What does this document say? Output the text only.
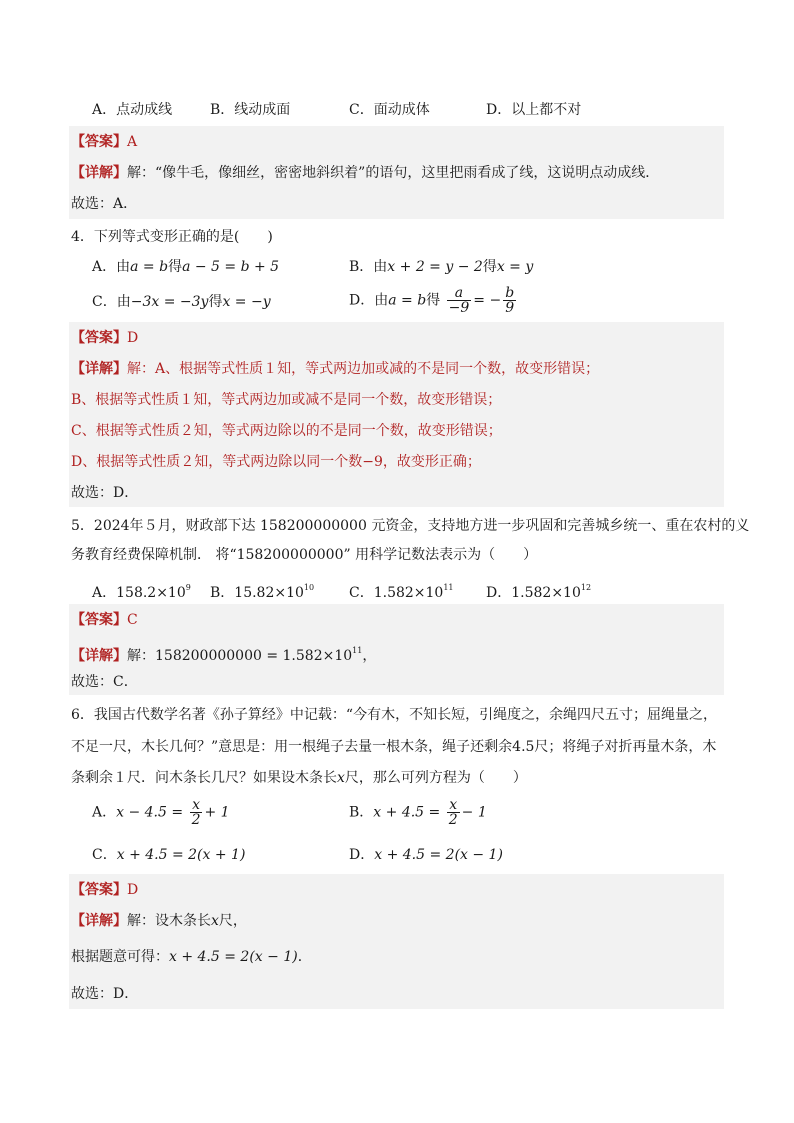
A．点动成线	B．线动成面	C．面动成体	D．以上都不对
【答案】A
【详解】解：“像牛毛，像细丝，密密地斜织着”的语句，这里把雨看成了线，这说明点动成线．
故选：A．
4．下列等式变形正确的是(　　)
A．由a = b得a − 5 = b + 5	B．由x + 2 = y − 2得x = y
C．由−3x = −3y得x = −y	D．由a = b得 $\frac{a}{-9}$ = − $\frac{b}{9}$
【答案】D
【详解】解：A、根据等式性质１知，等式两边加或减的不是同一个数，故变形错误；
B、根据等式性质１知，等式两边加或减不是同一个数，故变形错误；
C、根据等式性质２知，等式两边除以的不是同一个数，故变形错误；
D、根据等式性质２知，等式两边除以同一个数−9，故变形正确；
故选：D．
5．2024年５月，财政部下达 158200000000 元资金，支持地方进一步巩固和完善城乡统一、重在农村的义
务教育经费保障机制． 将“158200000000” 用科学记数法表示为（　　）
A．$158.2\times 10^9$ B．$15.82\times 10^{10}$ C．$1.582\times 10^{11}$ D．$1.582\times 10^{12}$
【答案】C
【详解】解：$158200000000 = 1.582\times 10^{11}$，
故选：C．
6．我国古代数学名著《孙子算经》中记载：“今有木，不知长短，引绳度之，余绳四尺五寸；屈绳量之，
不足一尺，木长几何？”意思是：用一根绳子去量一根木条，绳子还剩余4.5尺；将绳子对折再量木条，木
条剩余１尺．问木条长几尺？如果设木条长x尺，那么可列方程为（　　）
A．$x - 4.5 = \frac{x}{2} + 1$	B．$x + 4.5 = \frac{x}{2} - 1$
C．x + 4.5 = 2(x + 1)	D．x + 4.5 = 2(x − 1)
【答案】D
【详解】解：设木条长x尺，
根据题意可得：x + 4.5 = 2(x − 1)．
故选：D．
